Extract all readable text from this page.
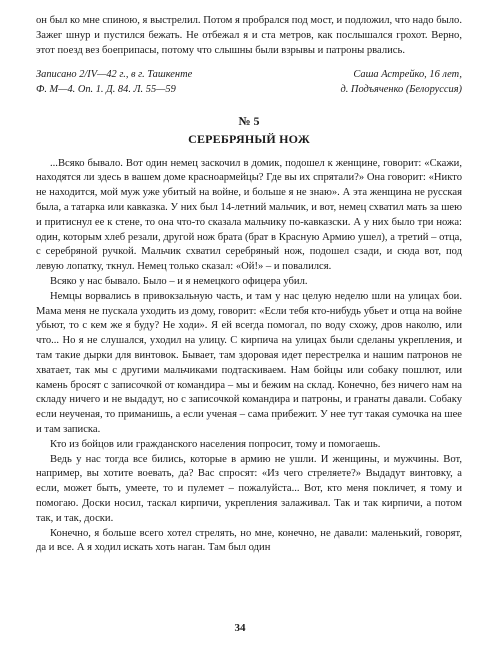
он был ко мне спиною, я выстрелил. Потом я пробрался под мост, и подложил, что надо было. Зажег шнур и пустился бежать. Не отбежал я и ста метров, как послышался грохот. Верно, этот поезд вез боеприпасы, потому что слышны были взрывы и патроны рвались.

Записано 2/IV—42 г., в г. Ташкенте
Ф. М—4. Оп. 1. Д. 84. Л. 55—59
Саша Астрейко, 16 лет,
д. Подъяченко (Белоруссия)
№ 5
СЕРЕБРЯНЫЙ НОЖ

...Всяко бывало. Вот один немец заскочил в домик, подошел к женщине, говорит: «Скажи, находятся ли здесь в вашем доме красноармейцы? Где вы их спрятали?» Она говорит: «Никто не находится, мой муж уже убитый на войне, и больше я не знаю». А эта женщина не русская была, а татарка или кавказка. У них был 14-летний мальчик, и вот, немец схватил мать за шею и притиснул ее к стене, то она что-то сказала мальчику по-кавказски. А у них было три ножа: один, которым хлеб резали, другой нож брата (брат в Красную Армию ушел), а третий – отца, с серебряной ручкой. Мальчик схватил серебряный нож, подошел сзади, и сюда вот, под левую лопатку, ткнул. Немец только сказал: «Ой!» – и повалился.

Всяко у нас бывало. Было – и я немецкого офицера убил.

Немцы ворвались в привокзальную часть, и там у нас целую неделю шли на улицах бои. Мама меня не пускала уходить из дому, говорит: «Если тебя кто-нибудь убьет и отца на войне убьют, то с кем же я буду? Не ходи». Я ей всегда помогал, по воду схожу, дров наколю, или что... Но я не слушался, уходил на улицу. С кирпича на улицах были сделаны укрепления, и там такие дырки для винтовок. Бывает, там здоровая идет перестрелка и нашим патронов не хватает, так мы с другими мальчиками подтаскиваем. Нам бойцы или собаку пошлют, или камень бросят с записочкой от командира – мы и бежим на склад. Конечно, без ничего нам на складу ничего и не выдадут, но с записочкой командира и патроны, и гранаты давали. Собаку если неученая, то приманишь, а если ученая – сама прибежит. У нее тут такая сумочка на шее и там записка.

Кто из бойцов или гражданского населения попросит, тому и помогаешь.

Ведь у нас тогда все бились, которые в армию не ушли. И женщины, и мужчины. Вот, например, вы хотите воевать, да? Вас спросят: «Из чего стреляете?» Выдадут винтовку, а если, может быть, умеете, то и пулемет – пожалуйста... Вот, кто меня покличет, я тому и помогаю. Доски носил, таскал кирпичи, укрепления залаживал. Так и так кирпичи, а потом так, и так, доски.

Конечно, я больше всего хотел стрелять, но мне, конечно, не давали: маленький, говорят, да и все. А я ходил искать хоть наган. Там был один

34
